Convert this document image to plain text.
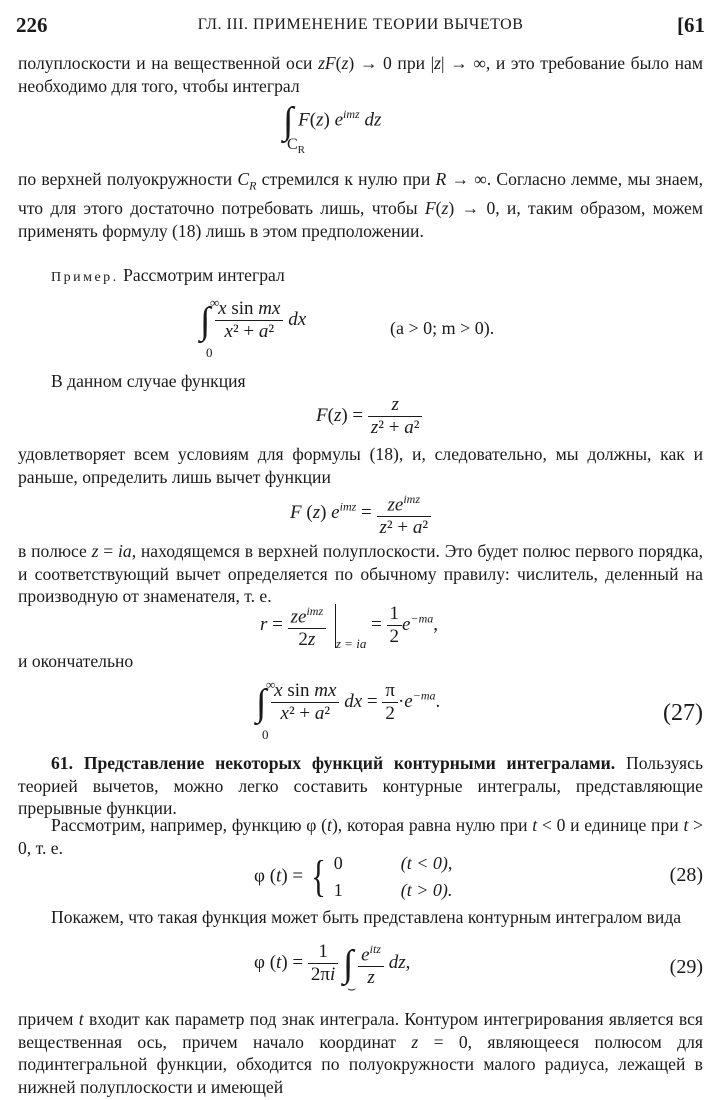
226	ГЛ. III. ПРИМЕНЕНИЕ ТЕОРИИ ВЫЧЕТОВ	[61
полуплоскости и на вещественной оси zF(z) → 0 при |z| → ∞, и это требование было нам необходимо для того, чтобы интеграл
∫
$C_R$
F(z) $e^{imz}$ dz
по верхней полуокружности $C_R$ стремился к нулю при R → ∞. Согласно лемме, мы знаем, что для этого достаточно потребовать лишь, чтобы F(z) → 0, и, таким образом, можем применять формулу (18) лишь в этом предположении.
Пример. Рассмотрим интеграл
∫ ∞
0

$\frac{\text{x sin mx}}{\text{x² + a²}}$ dx	(a > 0; m > 0).
В данном случае функция
$F(z) = \frac{z}{\text{z² + a²}}$
удовлетворяет всем условиям для формулы (18), и, следовательно, мы должны, как и раньше, определить лишь вычет функции
F (z) $e^{imz} = \frac{ze^{imz}}{\text{z² + a²}}$
в полюсе z = ia, находящемся в верхней полуплоскости. Это будет полюс первого порядка, и соответствующий вычет определяется по обычному правилу: числитель, деленный на производную от знаменателя, т. е.
$r = \frac{ze^{imz}}{2z} _{z = ia} = \frac{1}{2} e^{-ma}$,
и окончательно
∫ ∞
0

$\frac{\text{x sin mx}}{\text{x² + a²}}$ dx = $\frac{\pi}{2} \cdot e^{-ma}$.	(27)
61. Представление некоторых функций контурными интегралами. Пользуясь теорией вычетов, можно легко составить контурные интегралы, представляющие прерывные функции.
Рассмотрим, например, функцию φ (t), которая равна нулю при t < 0 и единице при t > 0, т. е.
φ (t) = { 0	(t < 0),
1	(t > 0).
(28)
Покажем, что такая функция может быть представлена контурным интегралом вида
φ $(t) = \frac{1}{2\pi i}$ ∫
⌣
$\frac{e^{itz}}{z}$ dz,	(29)
причем t входит как параметр под знак интеграла. Контуром интегрирования является вся вещественная ось, причем начало координат z = 0, являющееся полюсом для подинтегральной функции, обходится по полуокружности малого радиуса, лежащей в нижней полуплоскости и имеющей
